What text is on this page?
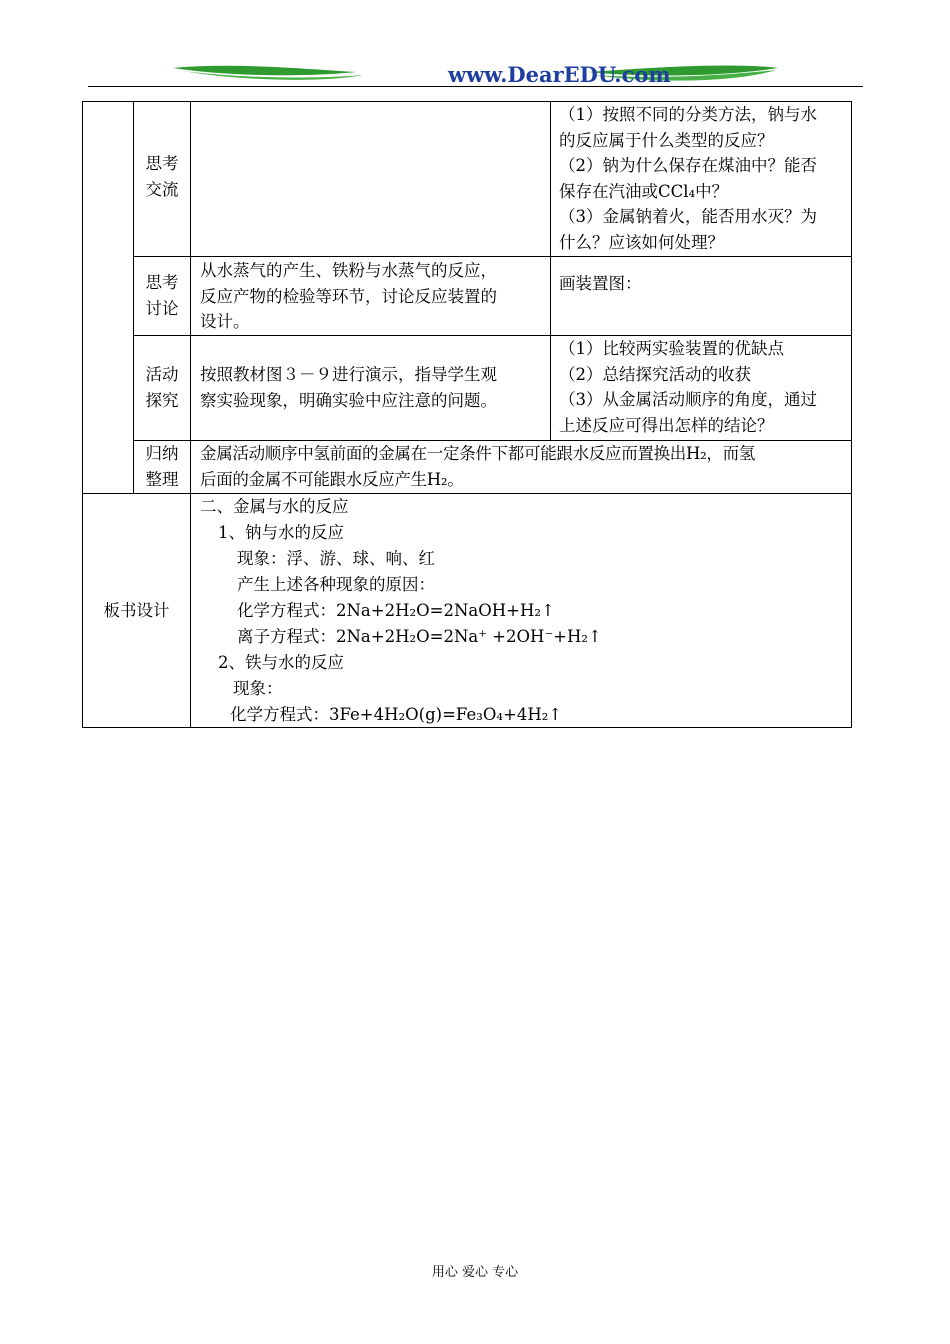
www.DearEDU.com
思考
交流
（1）按照不同的分类方法，钠与水
的反应属于什么类型的反应？
（2）钠为什么保存在煤油中？能否
保存在汽油或CCl₄中？
（3）金属钠着火，能否用水灭？为
什么？应该如何处理？
思考
讨论
从水蒸气的产生、铁粉与水蒸气的反应，
反应产物的检验等环节，讨论反应装置的
设计。
画装置图：
活动
探究
按照教材图３－９进行演示，指导学生观
察实验现象，明确实验中应注意的问题。
（1）比较两实验装置的优缺点
（2）总结探究活动的收获
（3）从金属活动顺序的角度，通过
上述反应可得出怎样的结论？
归纳
整理
金属活动顺序中氢前面的金属在一定条件下都可能跟水反应而置换出H₂，而氢
后面的金属不可能跟水反应产生H₂。
板书设计
二、金属与水的反应
1、钠与水的反应
现象：浮、游、球、响、红
产生上述各种现象的原因：
化学方程式：2Na+2H₂O=2NaOH+H₂↑
离子方程式：2Na+2H₂O=2Na⁺ +2OH⁻+H₂↑
2、铁与水的反应
现象：
化学方程式：3Fe+4H₂O(g)=Fe₃O₄+4H₂↑
用心 爱心 专心
